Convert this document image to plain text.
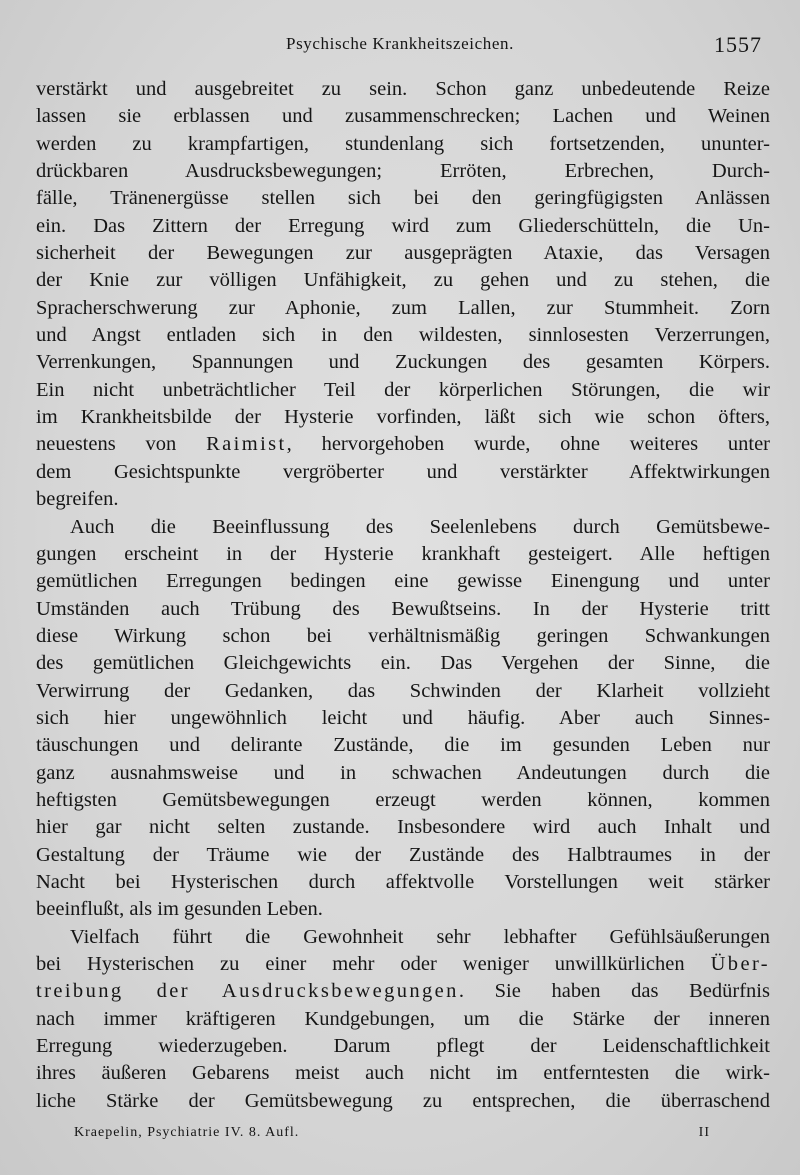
Psychische Krankheitszeichen.	1557
verstärkt und ausgebreitet zu sein. Schon ganz unbedeutende Reize
lassen sie erblassen und zusammenschrecken; Lachen und Weinen
werden zu krampfartigen, stundenlang sich fortsetzenden, ununter-
drückbaren Ausdrucksbewegungen; Erröten, Erbrechen, Durch-
fälle, Tränenergüsse stellen sich bei den geringfügigsten Anlässen
ein. Das Zittern der Erregung wird zum Gliederschütteln, die Un-
sicherheit der Bewegungen zur ausgeprägten Ataxie, das Versagen
der Knie zur völligen Unfähigkeit, zu gehen und zu stehen, die
Spracherschwerung zur Aphonie, zum Lallen, zur Stummheit. Zorn
und Angst entladen sich in den wildesten, sinnlosesten Verzerrungen,
Verrenkungen, Spannungen und Zuckungen des gesamten Körpers.
Ein nicht unbeträchtlicher Teil der körperlichen Störungen, die wir
im Krankheitsbilde der Hysterie vorfinden, läßt sich wie schon öfters,
neuestens von Raimist, hervorgehoben wurde, ohne weiteres unter
dem Gesichtspunkte vergröberter und verstärkter Affektwirkungen
begreifen.
Auch die Beeinflussung des Seelenlebens durch Gemütsbewe-
gungen erscheint in der Hysterie krankhaft gesteigert. Alle heftigen
gemütlichen Erregungen bedingen eine gewisse Einengung und unter
Umständen auch Trübung des Bewußtseins. In der Hysterie tritt
diese Wirkung schon bei verhältnismäßig geringen Schwankungen
des gemütlichen Gleichgewichts ein. Das Vergehen der Sinne, die
Verwirrung der Gedanken, das Schwinden der Klarheit vollzieht
sich hier ungewöhnlich leicht und häufig. Aber auch Sinnes-
täuschungen und delirante Zustände, die im gesunden Leben nur
ganz ausnahmsweise und in schwachen Andeutungen durch die
heftigsten Gemütsbewegungen erzeugt werden können, kommen
hier gar nicht selten zustande. Insbesondere wird auch Inhalt und
Gestaltung der Träume wie der Zustände des Halbtraumes in der
Nacht bei Hysterischen durch affektvolle Vorstellungen weit stärker
beeinflußt, als im gesunden Leben.
Vielfach führt die Gewohnheit sehr lebhafter Gefühlsäußerungen
bei Hysterischen zu einer mehr oder weniger unwillkürlichen Über-
treibung der Ausdrucksbewegungen. Sie haben das Bedürfnis
nach immer kräftigeren Kundgebungen, um die Stärke der inneren
Erregung wiederzugeben. Darum pflegt der Leidenschaftlichkeit
ihres äußeren Gebarens meist auch nicht im entferntesten die wirk-
liche Stärke der Gemütsbewegung zu entsprechen, die überraschend
Kraepelin, Psychiatrie IV. 8. Aufl.	II
